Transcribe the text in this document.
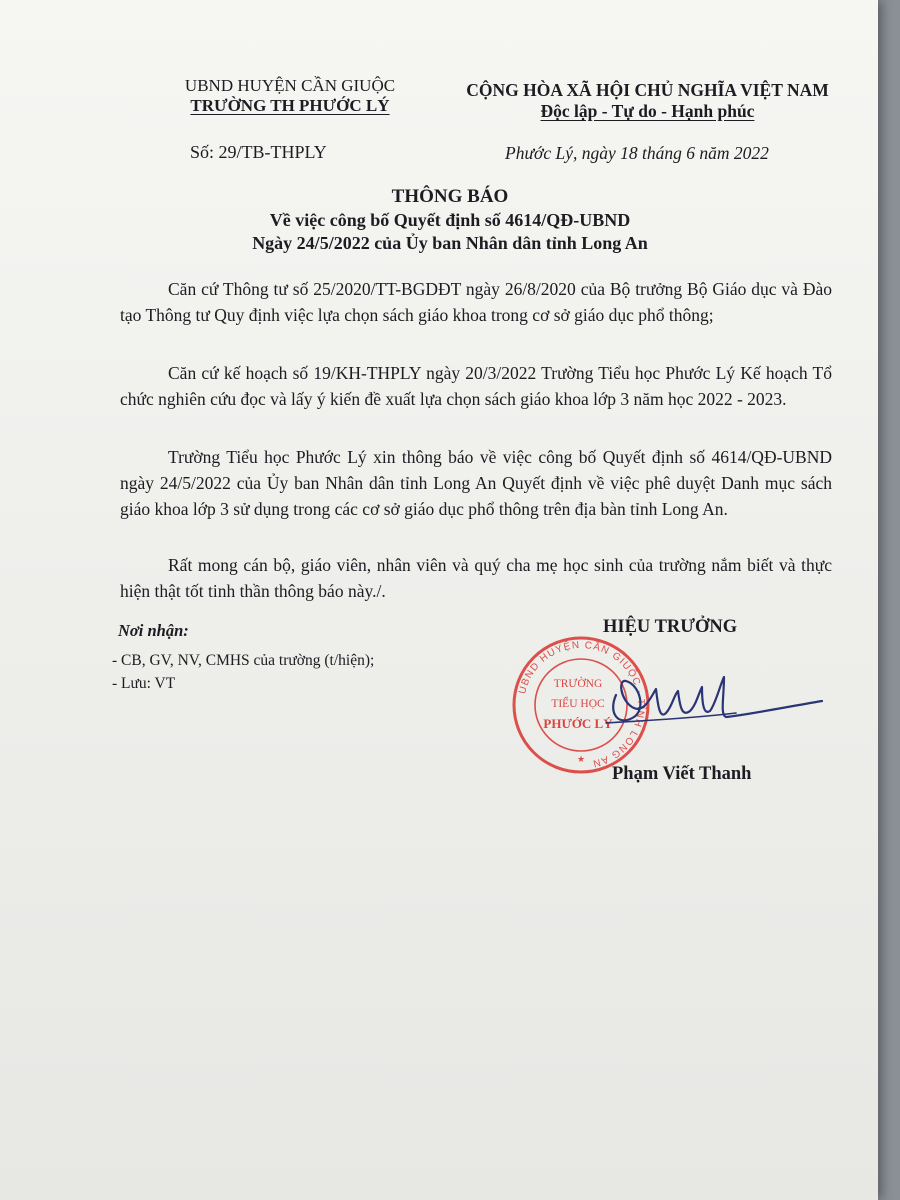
UBND HUYỆN CẦN GIUỘC
TRƯỜNG TH PHƯỚC LÝ
CỘNG HÒA XÃ HỘI CHỦ NGHĨA VIỆT NAM
Độc lập - Tự do - Hạnh phúc
Số: 29/TB-THPLY	Phước Lý, ngày 18 tháng 6 năm 2022
THÔNG BÁO
Về việc công bố Quyết định số 4614/QĐ-UBND
Ngày 24/5/2022 của Ủy ban Nhân dân tỉnh Long An
Căn cứ Thông tư số 25/2020/TT-BGDĐT ngày 26/8/2020 của Bộ trưởng Bộ Giáo dục và Đào tạo Thông tư Quy định việc lựa chọn sách giáo khoa trong cơ sở giáo dục phổ thông;
Căn cứ kế hoạch số 19/KH-THPLY ngày 20/3/2022 Trường Tiểu học Phước Lý Kế hoạch Tổ chức nghiên cứu đọc và lấy ý kiến đề xuất lựa chọn sách giáo khoa lớp 3 năm học 2022 - 2023.
Trường Tiểu học Phước Lý xin thông báo về việc công bố Quyết định số 4614/QĐ-UBND ngày 24/5/2022 của Ủy ban Nhân dân tỉnh Long An Quyết định về việc phê duyệt Danh mục sách giáo khoa lớp 3 sử dụng trong các cơ sở giáo dục phổ thông trên địa bàn tỉnh Long An.
Rất mong cán bộ, giáo viên, nhân viên và quý cha mẹ học sinh của trường nắm biết và thực hiện thật tốt tinh thần thông báo này./.
Nơi nhận:
- CB, GV, NV, CMHS của trường (t/hiện);
- Lưu: VT
HIỆU TRƯỞNG
UBND HUYỆN CẦN GIUỘC · TỈNH LONG AN
TRƯỜNG
TIỂU HỌC
PHƯỚC LÝ
★
Phạm Viết Thanh
